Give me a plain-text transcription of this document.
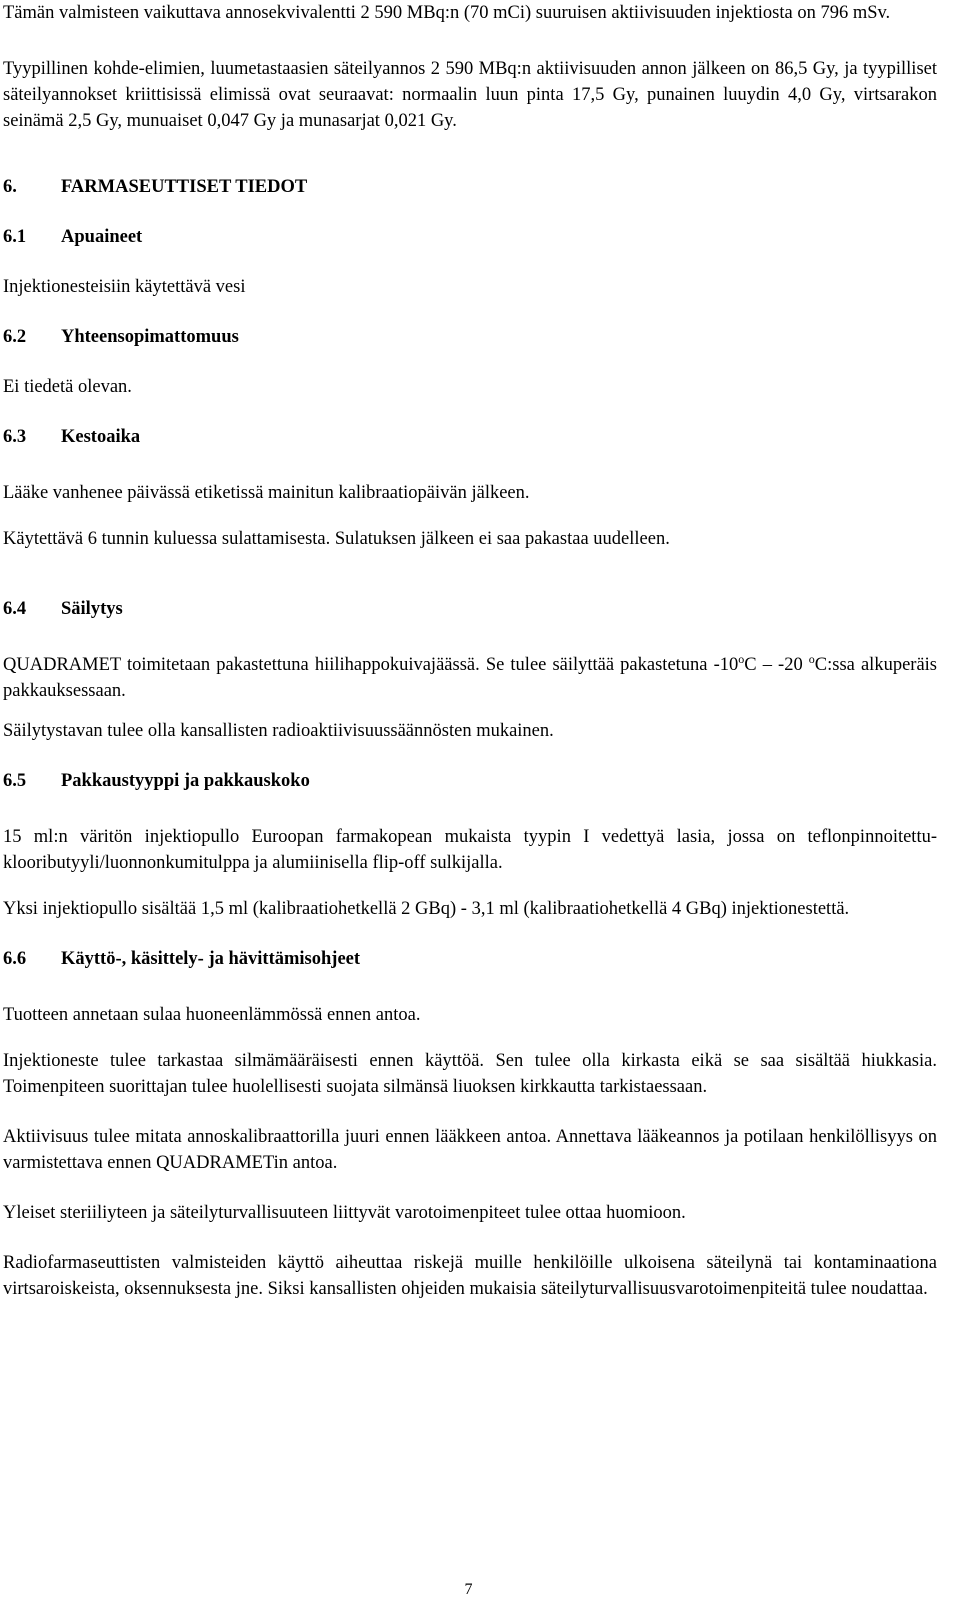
Tämän valmisteen vaikuttava annosekvivalentti 2 590 MBq:n (70 mCi) suuruisen aktiivisuuden injektiosta on 796 mSv.

Tyypillinen kohde-elimien, luumetastaasien säteilyannos 2 590 MBq:n aktiivisuuden annon jälkeen on 86,5 Gy, ja tyypilliset säteilyannokset kriittisissä elimissä ovat seuraavat: normaalin luun pinta 17,5 Gy, punainen luuydin 4,0 Gy, virtsarakon seinämä 2,5 Gy, munuaiset 0,047 Gy ja munasarjat 0,021 Gy.

6.	FARMASEUTTISET TIEDOT
6.1	Apuaineet

Injektionesteisiin käytettävä vesi

6.2	Yhteensopimattomuus

Ei tiedetä olevan.

6.3	Kestoaika

Lääke vanhenee päivässä etiketissä mainitun kalibraatiopäivän jälkeen.

Käytettävä 6 tunnin kuluessa sulattamisesta. Sulatuksen jälkeen ei saa pakastaa uudelleen.

6.4	Säilytys

QUADRAMET toimitetaan pakastettuna hiilihappokuivajäässä. Se tulee säilyttää pakastetuna -10$^o$C – -20 $^o$C:ssa alkuperäis pakkauksessaan.

Säilytystavan tulee olla kansallisten radioaktiivisuussäännösten mukainen.

6.5	Pakkaustyyppi ja pakkauskoko

15 ml:n väritön injektiopullo Euroopan farmakopean mukaista tyypin I vedettyä lasia, jossa on teflonpinnoitettu-klooributyyli/luonnonkumitulppa ja alumiinisella flip-off sulkijalla.

Yksi injektiopullo sisältää 1,5 ml (kalibraatiohetkellä 2 GBq) - 3,1 ml (kalibraatiohetkellä 4 GBq) injektionestettä.

6.6	Käyttö-, käsittely- ja hävittämisohjeet

Tuotteen annetaan sulaa huoneenlämmössä ennen antoa.

Injektioneste tulee tarkastaa silmämääräisesti ennen käyttöä. Sen tulee olla kirkasta eikä se saa sisältää hiukkasia. Toimenpiteen suorittajan tulee huolellisesti suojata silmänsä liuoksen kirkkautta tarkistaessaan.

Aktiivisuus tulee mitata annoskalibraattorilla juuri ennen lääkkeen antoa. Annettava lääkeannos ja potilaan henkilöllisyys on varmistettava ennen QUADRAMETin antoa.

Yleiset steriiliyteen ja säteilyturvallisuuteen liittyvät varotoimenpiteet tulee ottaa huomioon.

Radiofarmaseuttisten valmisteiden käyttö aiheuttaa riskejä muille henkilöille ulkoisena säteilynä tai kontaminaationa virtsaroiskeista, oksennuksesta jne. Siksi kansallisten ohjeiden mukaisia säteilyturvallisuusvarotoimenpiteitä tulee noudattaa.

7
